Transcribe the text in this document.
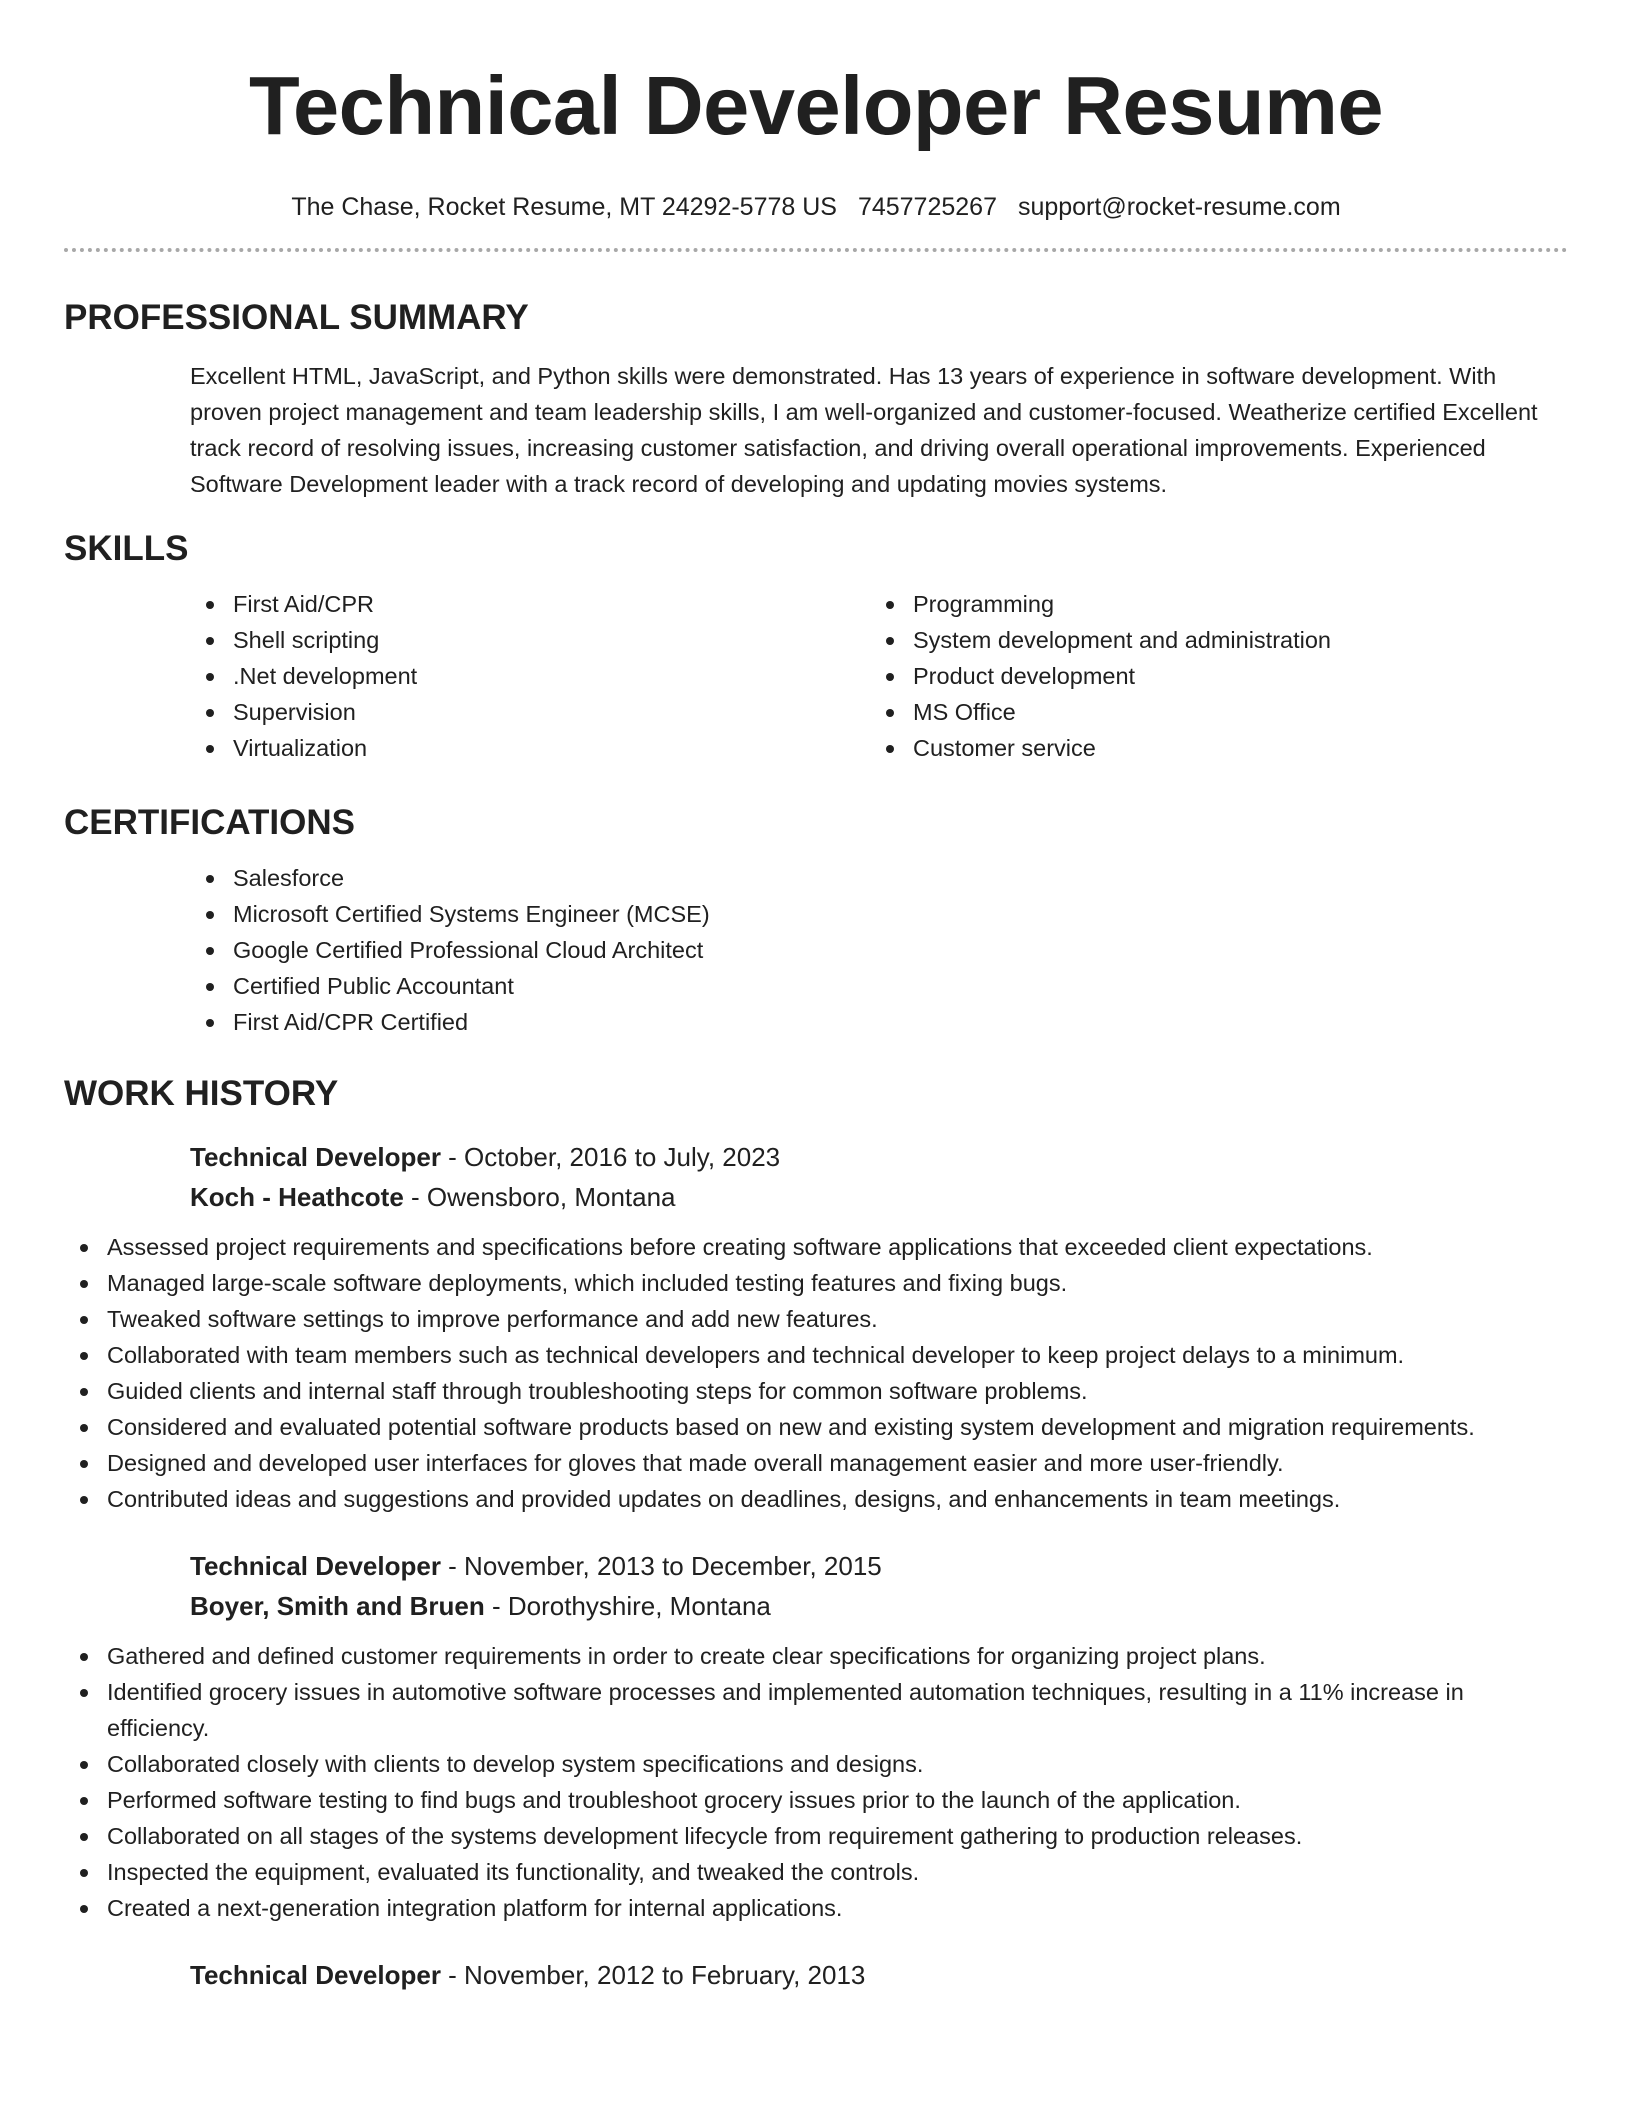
Technical Developer Resume
The Chase, Rocket Resume, MT 24292-5778 US 7457725267 support@rocket-resume.com
PROFESSIONAL SUMMARY

Excellent HTML, JavaScript, and Python skills were demonstrated. Has 13 years of experience in software development. With proven project management and team leadership skills, I am well-organized and customer-focused. Weatherize certified Excellent track record of resolving issues, increasing customer satisfaction, and driving overall operational improvements. Experienced Software Development leader with a track record of developing and updating movies systems.

SKILLS
First Aid/CPR
Shell scripting
.Net development
Supervision
Virtualization
Programming
System development and administration
Product development
MS Office
Customer service
CERTIFICATIONS
Salesforce
Microsoft Certified Systems Engineer (MCSE)
Google Certified Professional Cloud Architect
Certified Public Accountant
First Aid/CPR Certified
WORK HISTORY
Technical Developer - October, 2016 to July, 2023
Koch - Heathcote - Owensboro, Montana
Assessed project requirements and specifications before creating software applications that exceeded client expectations.
Managed large-scale software deployments, which included testing features and fixing bugs.
Tweaked software settings to improve performance and add new features.
Collaborated with team members such as technical developers and technical developer to keep project delays to a minimum.
Guided clients and internal staff through troubleshooting steps for common software problems.
Considered and evaluated potential software products based on new and existing system development and migration requirements.
Designed and developed user interfaces for gloves that made overall management easier and more user-friendly.
Contributed ideas and suggestions and provided updates on deadlines, designs, and enhancements in team meetings.
Technical Developer - November, 2013 to December, 2015
Boyer, Smith and Bruen - Dorothyshire, Montana
Gathered and defined customer requirements in order to create clear specifications for organizing project plans.
Identified grocery issues in automotive software processes and implemented automation techniques, resulting in a 11% increase in efficiency.
Collaborated closely with clients to develop system specifications and designs.
Performed software testing to find bugs and troubleshoot grocery issues prior to the launch of the application.
Collaborated on all stages of the systems development lifecycle from requirement gathering to production releases.
Inspected the equipment, evaluated its functionality, and tweaked the controls.
Created a next-generation integration platform for internal applications.
Technical Developer - November, 2012 to February, 2013
